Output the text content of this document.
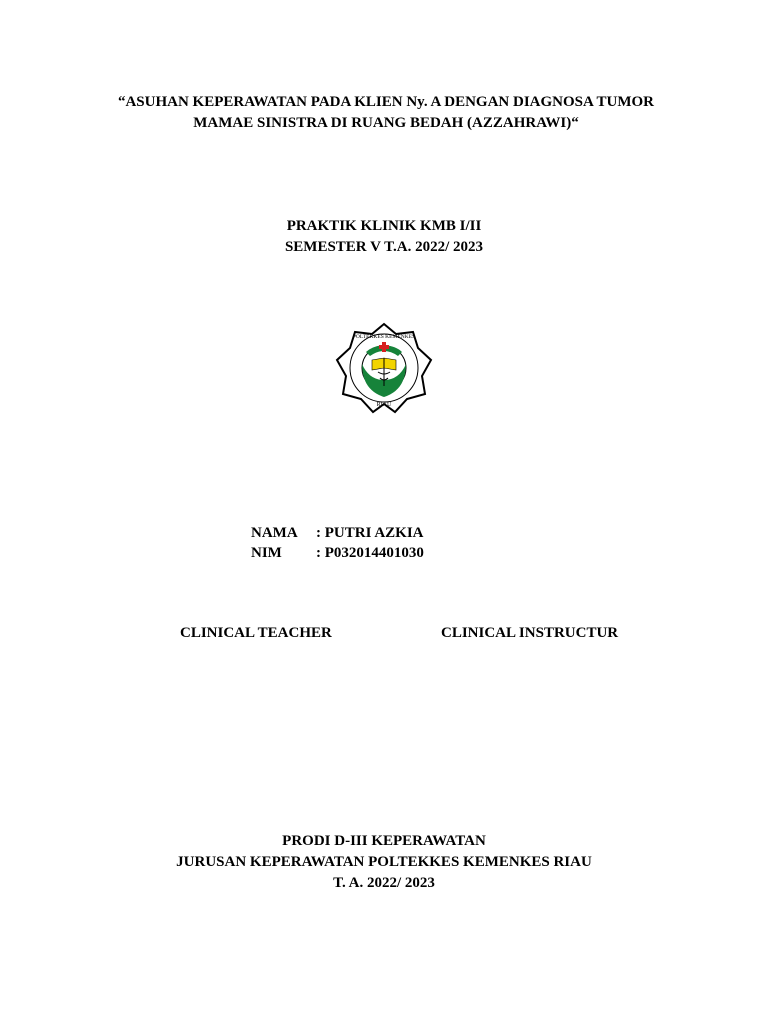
“ASUHAN KEPERAWATAN PADA KLIEN Ny. A DENGAN DIAGNOSA TUMOR
MAMAE SINISTRA DI RUANG BEDAH (AZZAHRAWI)“
PRAKTIK KLINIK KMB I/II
SEMESTER V T.A. 2022/ 2023
POLTEKKES KEMENKES
RIAU
NAMA	: PUTRI AZKIA
NIM	: P032014401030
CLINICAL TEACHER	CLINICAL INSTRUCTUR
PRODI D-III KEPERAWATAN
JURUSAN KEPERAWATAN POLTEKKES KEMENKES RIAU
T. A. 2022/ 2023
